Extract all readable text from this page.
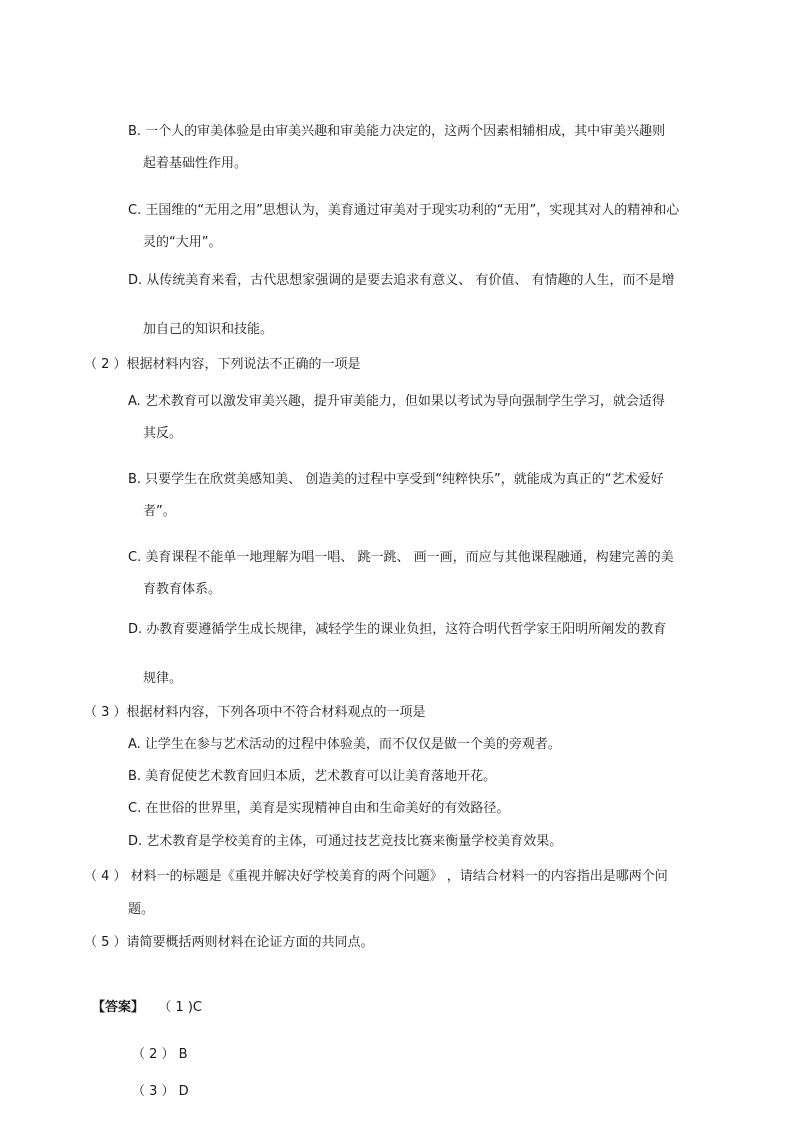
B. 一个人的审美体验是由审美兴趣和审美能力决定的，这两个因素相辅相成，其中审美兴趣则

起着基础性作用。

C. 王国维的“无用之用”思想认为，美育通过审美对于现实功利的“无用”，实现其对人的精神和心

灵的“大用”。

D. 从传统美育来看，古代思想家强调的是要去追求有意义、 有价值、 有情趣的人生，而不是增

加自己的知识和技能。

（ 2 ）根据材料内容，下列说法不正确的一项是

A. 艺术教育可以激发审美兴趣，提升审美能力，但如果以考试为导向强制学生学习，就会适得

其反。

B. 只要学生在欣赏美感知美、 创造美的过程中享受到“纯粹快乐”，就能成为真正的“艺术爱好

者”。

C. 美育课程不能单一地理解为唱一唱、 跳一跳、 画一画，而应与其他课程融通，构建完善的美

育教育体系。

D. 办教育要遵循学生成长规律，减轻学生的课业负担，这符合明代哲学家王阳明所阐发的教育

规律。

（ 3 ）根据材料内容，下列各项中不符合材料观点的一项是

A. 让学生在参与艺术活动的过程中体验美，而不仅仅是做一个美的旁观者。

B. 美育促使艺术教育回归本质，艺术教育可以让美育落地开花。

C. 在世俗的世界里，美育是实现精神自由和生命美好的有效路径。

D. 艺术教育是学校美育的主体，可通过技艺竞技比赛来衡量学校美育效果。

（ 4 ） 材料一的标题是《重视并解决好学校美育的两个问题》 ，请结合材料一的内容指出是哪两个问

题。

（ 5 ）请简要概括两则材料在论证方面的共同点。

【答案】 （ 1 )C

（ 2 ） B

（ 3 ） D
